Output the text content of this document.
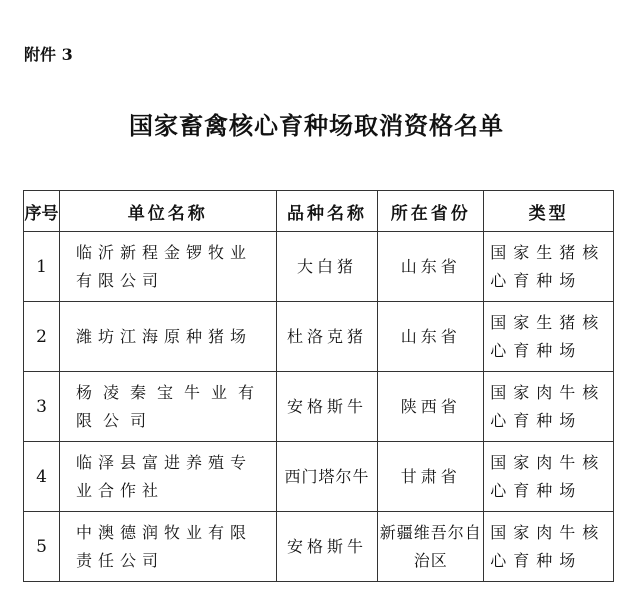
附件 3
国家畜禽核心育种场取消资格名单
序号	单位名称	品种名称	所在省份	类型
1	临沂新程金锣牧业有限公司	大白猪	山东省	国家生猪核心育种场
2	潍坊江海原种猪场	杜洛克猪	山东省	国家生猪核心育种场
3	杨凌秦宝牛业有限公司	安格斯牛	陕西省	国家肉牛核心育种场
4	临泽县富进养殖专业合作社	西门塔尔牛	甘肃省	国家肉牛核心育种场
5	中澳德润牧业有限责任公司	安格斯牛	新疆维吾尔自治区	国家肉牛核心育种场
